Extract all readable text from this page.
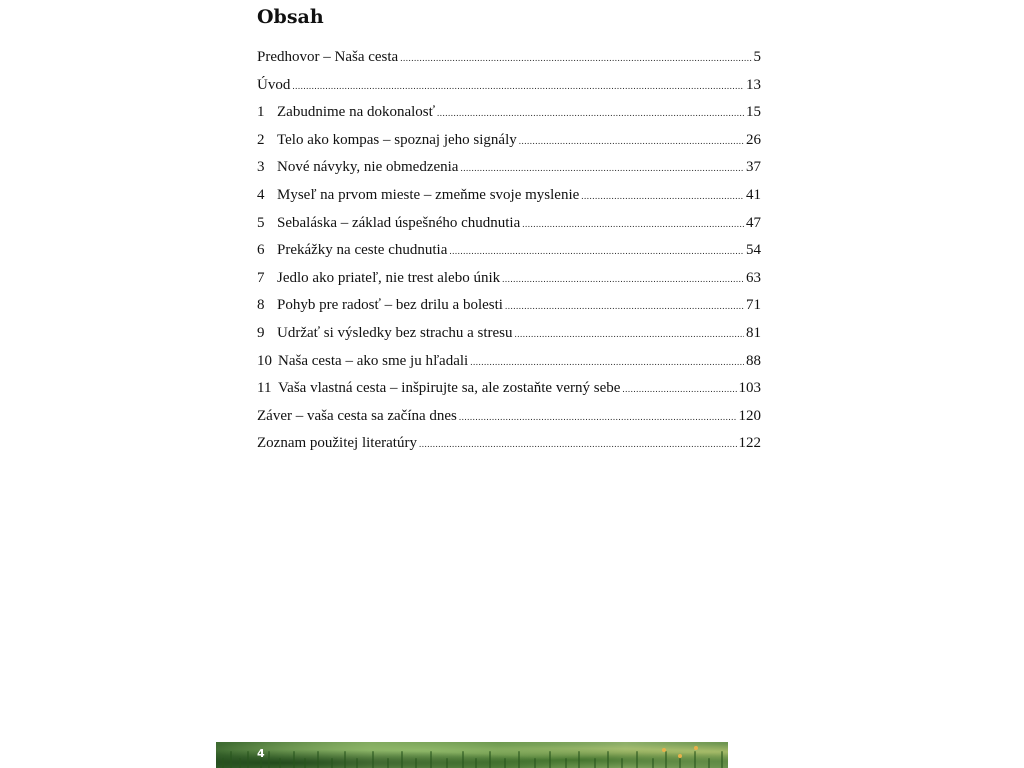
Obsah
Predhovor – Naša cesta .....	5
Úvod .....	13
1 Zabudnime na dokonalosť .....	15
2 Telo ako kompas – spoznaj jeho signály .....	26
3 Nové návyky, nie obmedzenia .....	37
4 Myseľ na prvom mieste – zmeňme svoje myslenie .....	41
5 Sebaláska – základ úspešného chudnutia .....	47
6 Prekážky na ceste chudnutia .....	54
7 Jedlo ako priateľ, nie trest alebo únik .....	63
8 Pohyb pre radosť – bez drilu a bolesti .....	71
9 Udržať si výsledky bez strachu a stresu .....	81
10 Naša cesta – ako sme ju hľadali .....	88
11 Vaša vlastná cesta – inšpirujte sa, ale zostaňte verný sebe .....	103
Záver – vaša cesta sa začína dnes .....	120
Zoznam použitej literatúry .....	122
4
